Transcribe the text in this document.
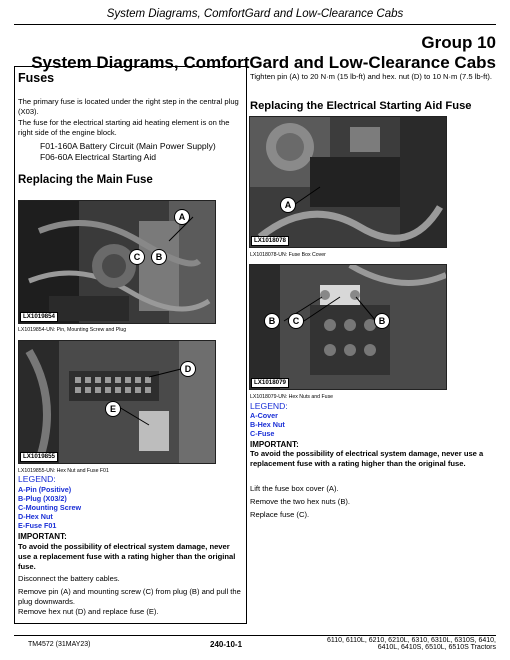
System Diagrams, ComfortGard and Low-Clearance Cabs
Group 10
System Diagrams, ComfortGard and Low-Clearance Cabs
Fuses
The primary fuse is located under the right step in the central plug (X03).
The fuse for the electrical starting aid heating element is on the right side of the engine block.
F01-160A Battery Circuit (Main Power Supply)
F06-60A Electrical Starting Aid
Replacing the Main Fuse
A
B
C
LX1019854
LX1019854-UN: Pin, Mounting Screw and Plug
D
E
LX1019855
LX1019855-UN: Hex Nut and Fuse F01
LEGEND:
A-Pin (Positive)
B-Plug (X03/2)
C-Mounting Screw
D-Hex Nut
E-Fuse F01
IMPORTANT:
To avoid the possibility of electrical system damage, never use a replacement fuse with a rating higher than the original fuse.
Disconnect the battery cables.
Remove pin (A) and mounting screw (C) from plug (B) and pull the plug downwards.
Remove hex nut (D) and replace fuse (E).
Tighten pin (A) to 20 N·m (15 lb-ft) and hex. nut (D) to 10 N·m (7.5 lb-ft).
Replacing the Electrical Starting Aid Fuse
A
LX1018078
LX1018078-UN: Fuse Box Cover
B	C	B
LX1018079
LX1018079-UN: Hex Nuts and Fuse
LEGEND:
A-Cover
B-Hex Nut
C-Fuse
IMPORTANT:
To avoid the possibility of electrical system damage, never use a replacement fuse with a rating higher than the original fuse.
Lift the fuse box cover (A).
Remove the two hex nuts (B).
Replace fuse (C).
TM4572 (31MAY23)	240-10-1	6110, 6110L, 6210, 6210L, 6310, 6310L, 6310S, 6410,
6410L, 6410S, 6510L, 6510S Tractors
